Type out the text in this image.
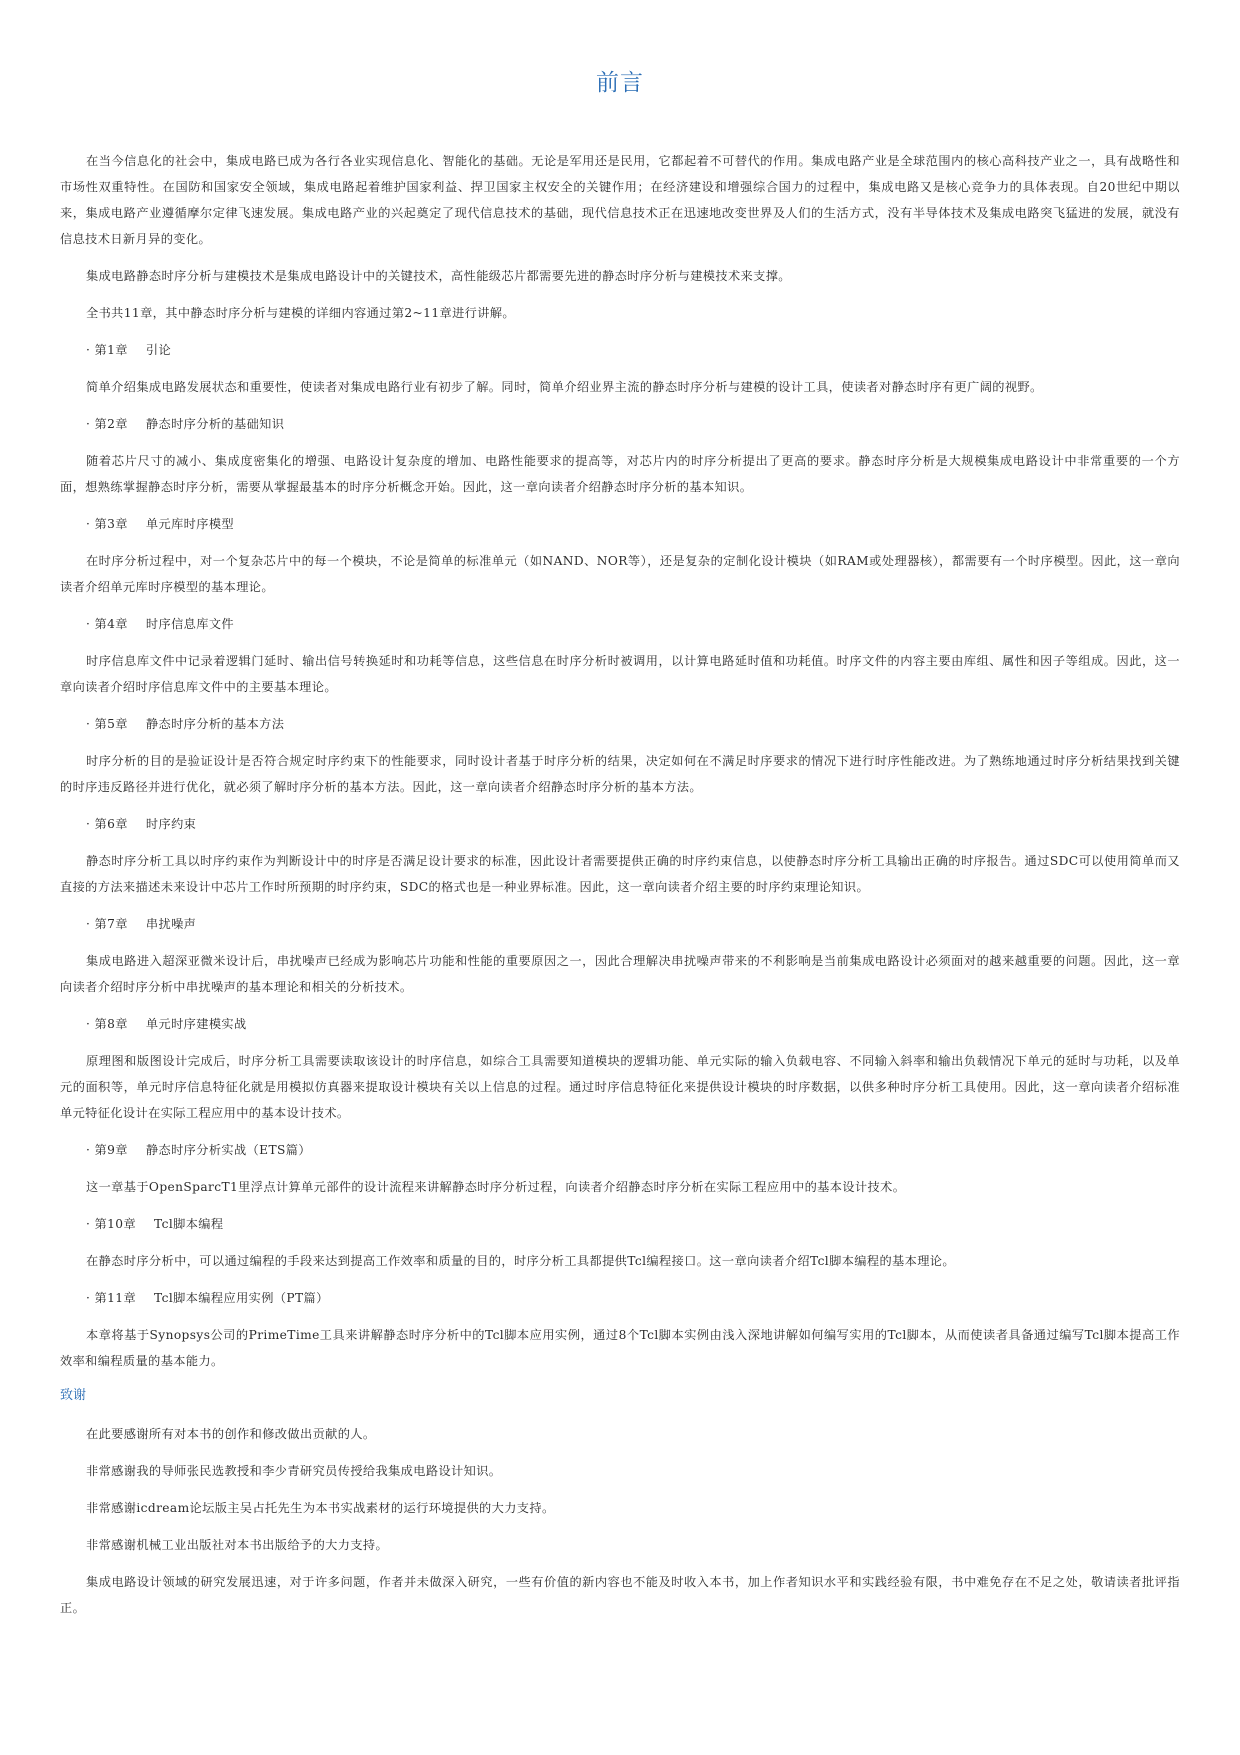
前言

在当今信息化的社会中，集成电路已成为各行各业实现信息化、智能化的基础。无论是军用还是民用，它都起着不可替代的作用。集成电路产业是全球范围内的核心高科技产业之一，具有战略性和市场性双重特性。在国防和国家安全领域，集成电路起着维护国家利益、捍卫国家主权安全的关键作用；在经济建设和增强综合国力的过程中，集成电路又是核心竞争力的具体表现。自20世纪中期以来，集成电路产业遵循摩尔定律飞速发展。集成电路产业的兴起奠定了现代信息技术的基础，现代信息技术正在迅速地改变世界及人们的生活方式，没有半导体技术及集成电路突飞猛进的发展，就没有信息技术日新月异的变化。

集成电路静态时序分析与建模技术是集成电路设计中的关键技术，高性能级芯片都需要先进的静态时序分析与建模技术来支撑。

全书共11章，其中静态时序分析与建模的详细内容通过第2~11章进行讲解。

· 第1章 引论

简单介绍集成电路发展状态和重要性，使读者对集成电路行业有初步了解。同时，简单介绍业界主流的静态时序分析与建模的设计工具，使读者对静态时序有更广阔的视野。

· 第2章 静态时序分析的基础知识

随着芯片尺寸的减小、集成度密集化的增强、电路设计复杂度的增加、电路性能要求的提高等，对芯片内的时序分析提出了更高的要求。静态时序分析是大规模集成电路设计中非常重要的一个方面，想熟练掌握静态时序分析，需要从掌握最基本的时序分析概念开始。因此，这一章向读者介绍静态时序分析的基本知识。

· 第3章 单元库时序模型

在时序分析过程中，对一个复杂芯片中的每一个模块，不论是简单的标准单元（如NAND、NOR等），还是复杂的定制化设计模块（如RAM或处理器核），都需要有一个时序模型。因此，这一章向读者介绍单元库时序模型的基本理论。

· 第4章 时序信息库文件

时序信息库文件中记录着逻辑门延时、输出信号转换延时和功耗等信息，这些信息在时序分析时被调用，以计算电路延时值和功耗值。时序文件的内容主要由库组、属性和因子等组成。因此，这一章向读者介绍时序信息库文件中的主要基本理论。

· 第5章 静态时序分析的基本方法

时序分析的目的是验证设计是否符合规定时序约束下的性能要求，同时设计者基于时序分析的结果，决定如何在不满足时序要求的情况下进行时序性能改进。为了熟练地通过时序分析结果找到关键的时序违反路径并进行优化，就必须了解时序分析的基本方法。因此，这一章向读者介绍静态时序分析的基本方法。

· 第6章 时序约束

静态时序分析工具以时序约束作为判断设计中的时序是否满足设计要求的标准，因此设计者需要提供正确的时序约束信息，以使静态时序分析工具输出正确的时序报告。通过SDC可以使用简单而又直接的方法来描述未来设计中芯片工作时所预期的时序约束，SDC的格式也是一种业界标准。因此，这一章向读者介绍主要的时序约束理论知识。

· 第7章 串扰噪声

集成电路进入超深亚微米设计后，串扰噪声已经成为影响芯片功能和性能的重要原因之一，因此合理解决串扰噪声带来的不利影响是当前集成电路设计必须面对的越来越重要的问题。因此，这一章向读者介绍时序分析中串扰噪声的基本理论和相关的分析技术。

· 第8章 单元时序建模实战

原理图和版图设计完成后，时序分析工具需要读取该设计的时序信息，如综合工具需要知道模块的逻辑功能、单元实际的输入负载电容、不同输入斜率和输出负载情况下单元的延时与功耗，以及单元的面积等，单元时序信息特征化就是用模拟仿真器来提取设计模块有关以上信息的过程。通过时序信息特征化来提供设计模块的时序数据，以供多种时序分析工具使用。因此，这一章向读者介绍标准单元特征化设计在实际工程应用中的基本设计技术。

· 第9章 静态时序分析实战（ETS篇）

这一章基于OpenSparcT1里浮点计算单元部件的设计流程来讲解静态时序分析过程，向读者介绍静态时序分析在实际工程应用中的基本设计技术。

· 第10章 Tcl脚本编程

在静态时序分析中，可以通过编程的手段来达到提高工作效率和质量的目的，时序分析工具都提供Tcl编程接口。这一章向读者介绍Tcl脚本编程的基本理论。

· 第11章 Tcl脚本编程应用实例（PT篇）

本章将基于Synopsys公司的PrimeTime工具来讲解静态时序分析中的Tcl脚本应用实例，通过8个Tcl脚本实例由浅入深地讲解如何编写实用的Tcl脚本，从而使读者具备通过编写Tcl脚本提高工作效率和编程质量的基本能力。

致谢

在此要感谢所有对本书的创作和修改做出贡献的人。

非常感谢我的导师张民选教授和李少青研究员传授给我集成电路设计知识。

非常感谢icdream论坛版主吴占托先生为本书实战素材的运行环境提供的大力支持。

非常感谢机械工业出版社对本书出版给予的大力支持。

集成电路设计领域的研究发展迅速，对于许多问题，作者并未做深入研究，一些有价值的新内容也不能及时收入本书，加上作者知识水平和实践经验有限，书中难免存在不足之处，敬请读者批评指正。
